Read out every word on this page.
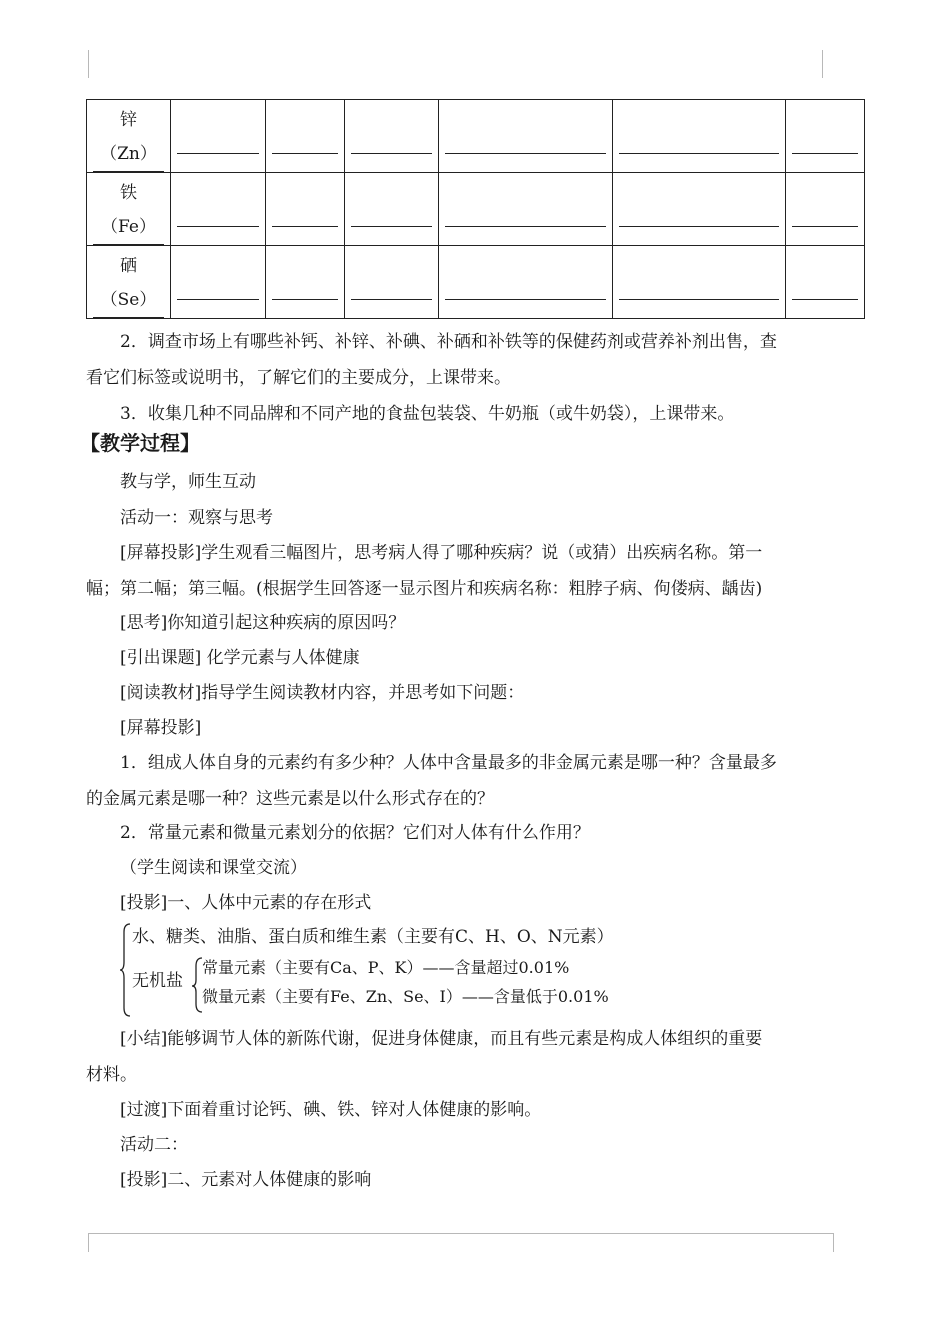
锌
（Zn）						

铁
（Fe）						

硒
（Se）						

2．调查市场上有哪些补钙、补锌、补碘、补硒和补铁等的保健药剂或营养补剂出售，查
看它们标签或说明书，了解它们的主要成分，上课带来。
3．收集几种不同品牌和不同产地的食盐包装袋、牛奶瓶（或牛奶袋），上课带来。
【教学过程】
教与学，师生互动
活动一：观察与思考
[屏幕投影]学生观看三幅图片，思考病人得了哪种疾病？说（或猜）出疾病名称。第一
幅；第二幅；第三幅。(根据学生回答逐一显示图片和疾病名称：粗脖子病、佝偻病、龋齿)
[思考]你知道引起这种疾病的原因吗？
[引出课题] 化学元素与人体健康
[阅读教材]指导学生阅读教材内容，并思考如下问题：
[屏幕投影]
1．组成人体自身的元素约有多少种？人体中含量最多的非金属元素是哪一种？含量最多
的金属元素是哪一种？这些元素是以什么形式存在的？
2．常量元素和微量元素划分的依据？它们对人体有什么作用？
（学生阅读和课堂交流）
[投影]一、人体中元素的存在形式
水、糖类、油脂、蛋白质和维生素（主要有C、H、O、N元素）
无机盐
常量元素（主要有Ca、P、K）——含量超过0.01%
微量元素（主要有Fe、Zn、Se、I）——含量低于0.01%
[小结]能够调节人体的新陈代谢，促进身体健康，而且有些元素是构成人体组织的重要
材料。
[过渡]下面着重讨论钙、碘、铁、锌对人体健康的影响。
活动二：
[投影]二、元素对人体健康的影响
